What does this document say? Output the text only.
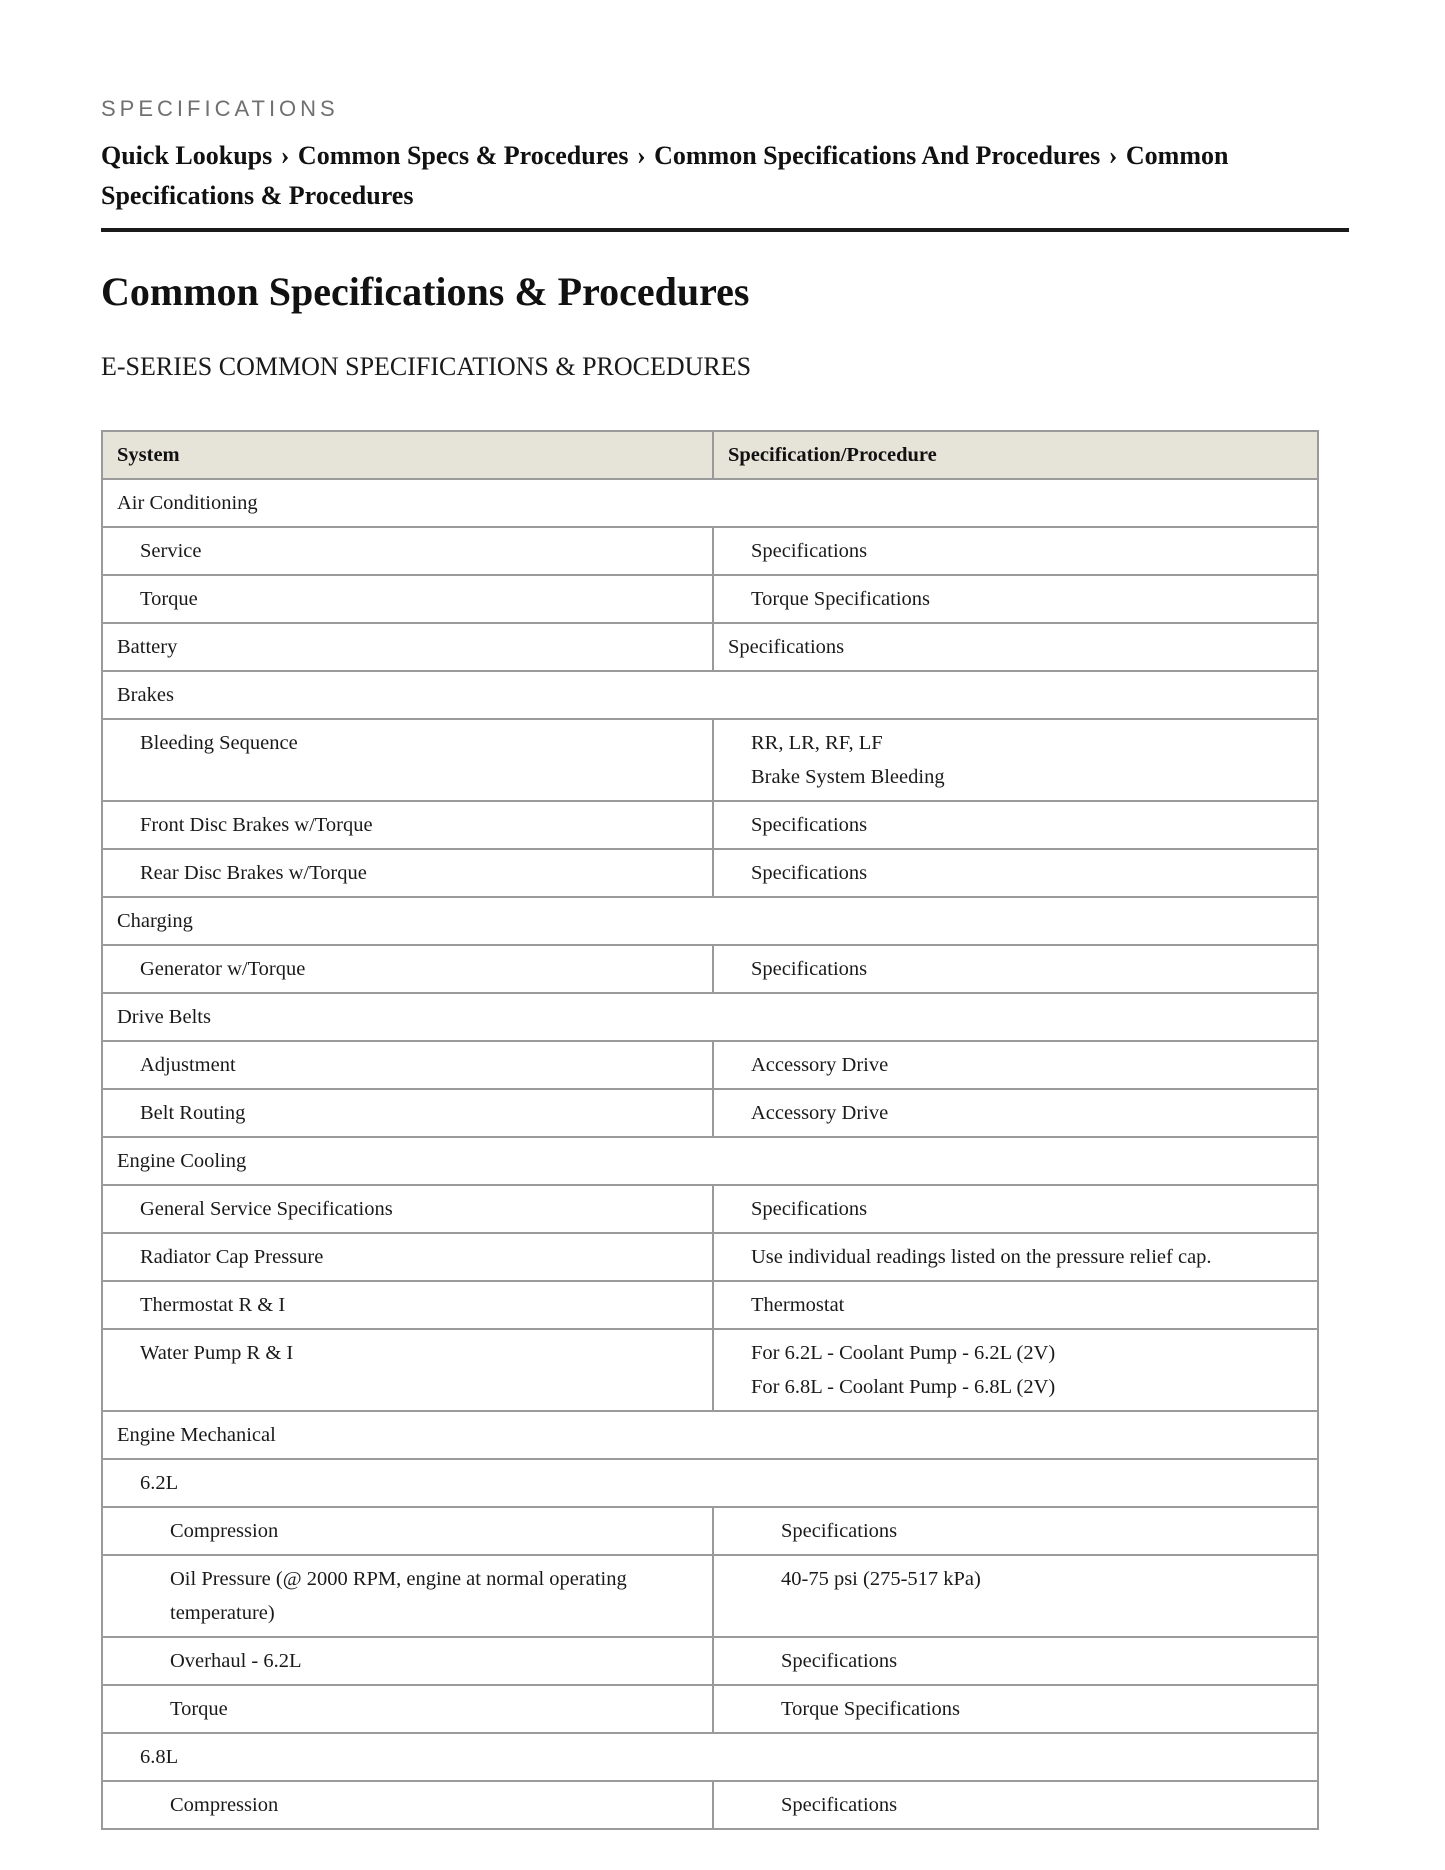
SPECIFICATIONS
Quick Lookups › Common Specs & Procedures › Common Specifications And Procedures › Common Specifications & Procedures
Common Specifications & Procedures
E-SERIES COMMON SPECIFICATIONS & PROCEDURES
System	Specification/Procedure
Air Conditioning	
Service	Specifications
Torque	Torque Specifications
Battery	Specifications
Brakes	
Bleeding Sequence	RR, LR, RF, LF
Brake System Bleeding

Front Disc Brakes w/Torque	Specifications
Rear Disc Brakes w/Torque	Specifications
Charging	
Generator w/Torque	Specifications
Drive Belts	
Adjustment	Accessory Drive
Belt Routing	Accessory Drive
Engine Cooling	
General Service Specifications	Specifications
Radiator Cap Pressure	Use individual readings listed on the pressure relief cap.
Thermostat R & I	Thermostat
Water Pump R & I	For 6.2L - Coolant Pump - 6.2L (2V)
For 6.8L - Coolant Pump - 6.8L (2V)

Engine Mechanical	
6.2L	
Compression	Specifications
Oil Pressure (@ 2000 RPM, engine at normal operating temperature)	40-75 psi (275-517 kPa)
Overhaul - 6.2L	Specifications
Torque	Torque Specifications
6.8L	
Compression	Specifications
